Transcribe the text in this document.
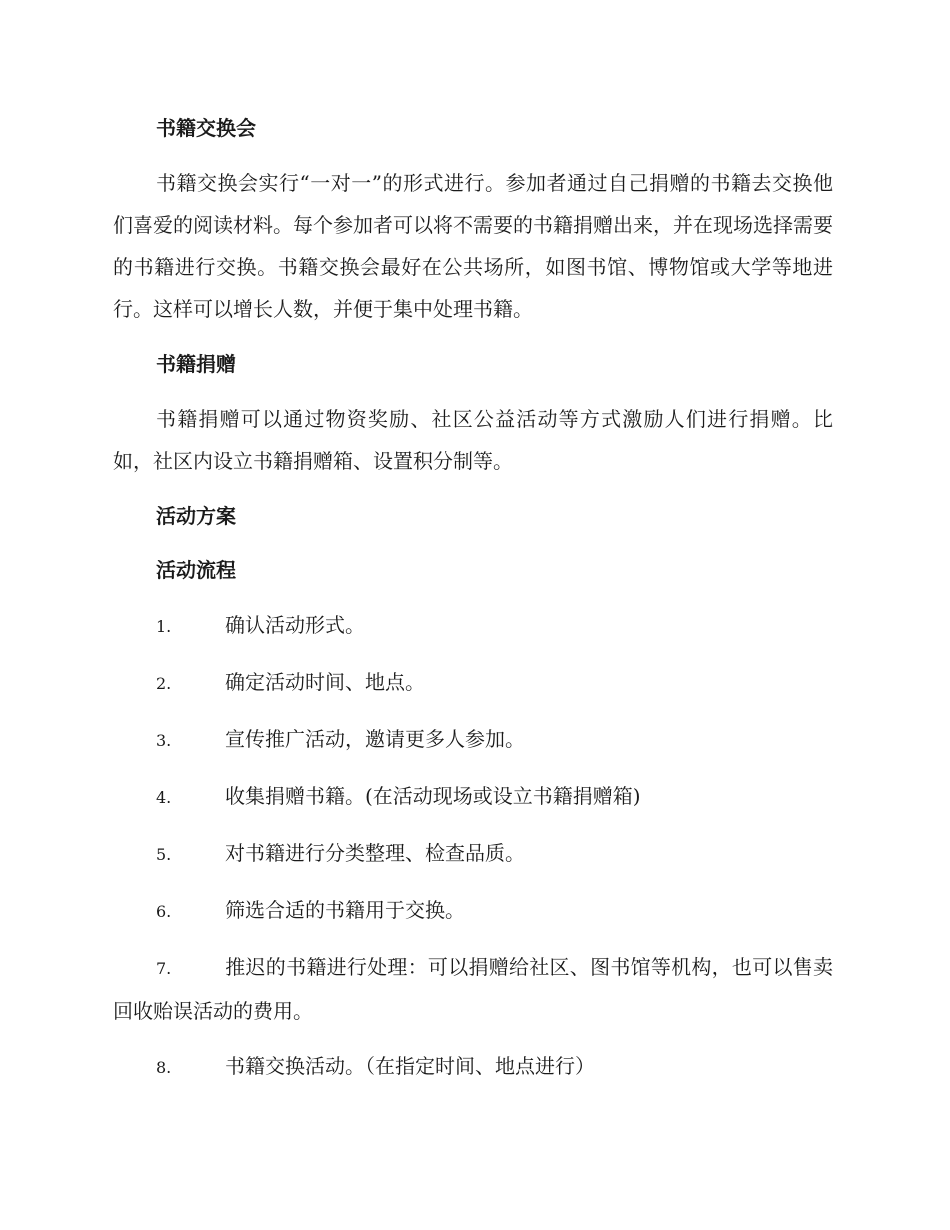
书籍交换会

书籍交换会实行“一对一”的形式进行。参加者通过自己捐赠的书籍去交换他们喜爱的阅读材料。每个参加者可以将不需要的书籍捐赠出来，并在现场选择需要的书籍进行交换。书籍交换会最好在公共场所，如图书馆、博物馆或大学等地进行。这样可以增长人数，并便于集中处理书籍。

书籍捐赠

书籍捐赠可以通过物资奖励、社区公益活动等方式激励人们进行捐赠。比如，社区内设立书籍捐赠箱、设置积分制等。

活动方案
活动流程
1.	确认活动形式。
2.	确定活动时间、地点。
3.	宣传推广活动，邀请更多人参加。
4.	收集捐赠书籍。(在活动现场或设立书籍捐赠箱)
5.	对书籍进行分类整理、检查品质。
6.	筛选合适的书籍用于交换。
7.	推迟的书籍进行处理：可以捐赠给社区、图书馆等机构，也可以售卖回收贻误活动的费用。
8.	书籍交换活动。（在指定时间、地点进行）
